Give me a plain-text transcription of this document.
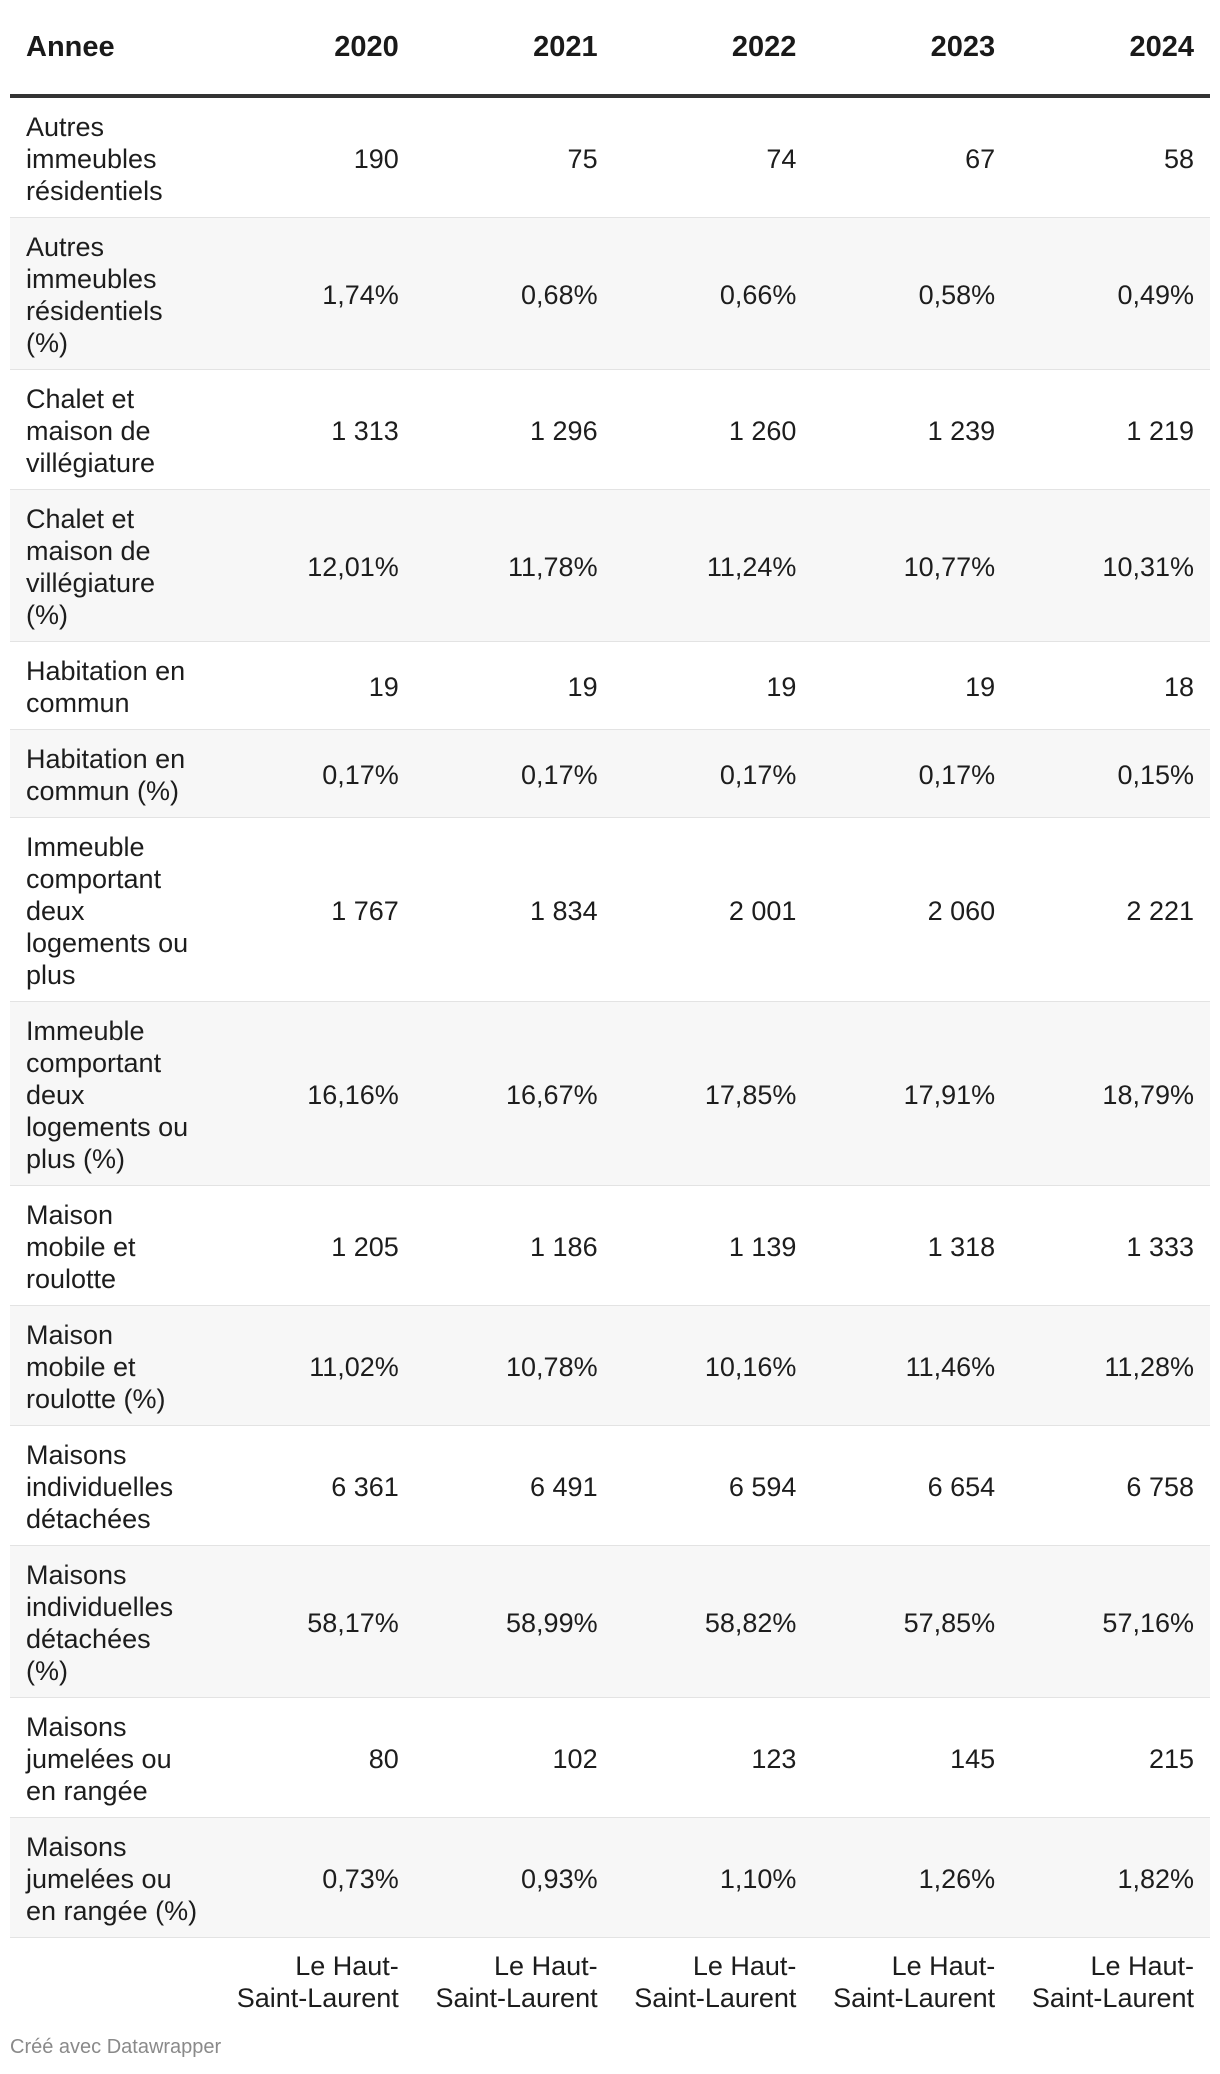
Annee	2020	2021	2022	2023	2024
Autres immeubles résidentiels	190	75	74	67	58
Autres immeubles résidentiels (%)	1,74%	0,68%	0,66%	0,58%	0,49%
Chalet et maison de villégiature	1 313	1 296	1 260	1 239	1 219
Chalet et maison de villégiature (%)	12,01%	11,78%	11,24%	10,77%	10,31%
Habitation en commun	19	19	19	19	18
Habitation en commun (%)	0,17%	0,17%	0,17%	0,17%	0,15%
Immeuble comportant deux logements ou plus	1 767	1 834	2 001	2 060	2 221
Immeuble comportant deux logements ou plus (%)	16,16%	16,67%	17,85%	17,91%	18,79%
Maison mobile et roulotte	1 205	1 186	1 139	1 318	1 333
Maison mobile et roulotte (%)	11,02%	10,78%	10,16%	11,46%	11,28%
Maisons individuelles détachées	6 361	6 491	6 594	6 654	6 758
Maisons individuelles détachées (%)	58,17%	58,99%	58,82%	57,85%	57,16%
Maisons jumelées ou en rangée	80	102	123	145	215
Maisons jumelées ou en rangée (%)	0,73%	0,93%	1,10%	1,26%	1,82%
	Le Haut-Saint-Laurent	Le Haut-Saint-Laurent	Le Haut-Saint-Laurent	Le Haut-Saint-Laurent	Le Haut-Saint-Laurent
Créé avec Datawrapper
